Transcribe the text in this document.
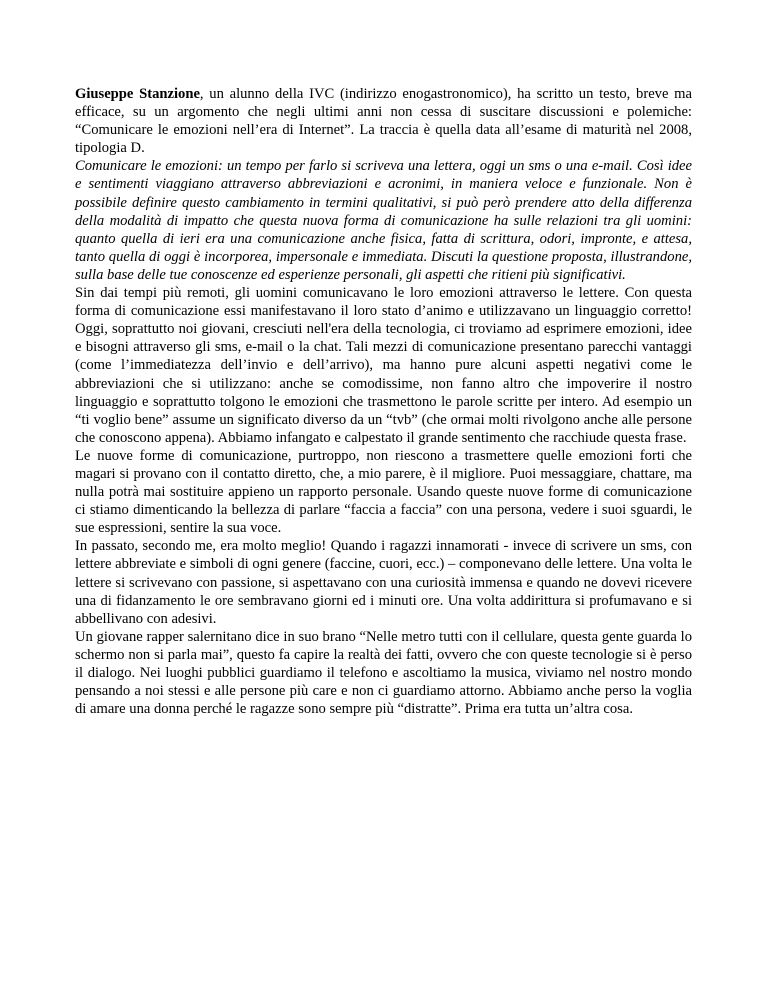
Giuseppe Stanzione, un alunno della IVC (indirizzo enogastronomico), ha scritto un testo, breve ma efficace, su un argomento che negli ultimi anni non cessa di suscitare discussioni e polemiche: “Comunicare le emozioni nell’era di Internet”. La traccia è quella data all’esame di maturità nel 2008, tipologia D.

Comunicare le emozioni: un tempo per farlo si scriveva una lettera, oggi un sms o una e-mail. Così idee e sentimenti viaggiano attraverso abbreviazioni e acronimi, in maniera veloce e funzionale. Non è possibile definire questo cambiamento in termini qualitativi, si può però prendere atto della differenza della modalità di impatto che questa nuova forma di comunicazione ha sulle relazioni tra gli uomini: quanto quella di ieri era una comunicazione anche fisica, fatta di scrittura, odori, impronte, e attesa, tanto quella di oggi è incorporea, impersonale e immediata. Discuti la questione proposta, illustrandone, sulla base delle tue conoscenze ed esperienze personali, gli aspetti che ritieni più significativi.

Sin dai tempi più remoti, gli uomini comunicavano le loro emozioni attraverso le lettere. Con questa forma di comunicazione essi manifestavano il loro stato d’animo e utilizzavano un linguaggio corretto! Oggi, soprattutto noi giovani, cresciuti nell'era della tecnologia, ci troviamo ad esprimere emozioni, idee e bisogni attraverso gli sms, e-mail o la chat. Tali mezzi di comunicazione presentano parecchi vantaggi (come l’immediatezza dell’invio e dell’arrivo), ma hanno pure alcuni aspetti negativi come le abbreviazioni che si utilizzano: anche se comodissime, non fanno altro che impoverire il nostro linguaggio e soprattutto tolgono le emozioni che trasmettono le parole scritte per intero. Ad esempio un “ti voglio bene” assume un significato diverso da un “tvb” (che ormai molti rivolgono anche alle persone che conoscono appena). Abbiamo infangato e calpestato il grande sentimento che racchiude questa frase.

Le nuove forme di comunicazione, purtroppo, non riescono a trasmettere quelle emozioni forti che magari si provano con il contatto diretto, che, a mio parere, è il migliore. Puoi messaggiare, chattare, ma nulla potrà mai sostituire appieno un rapporto personale. Usando queste nuove forme di comunicazione ci stiamo dimenticando la bellezza di parlare “faccia a faccia” con una persona, vedere i suoi sguardi, le sue espressioni, sentire la sua voce.

In passato, secondo me, era molto meglio! Quando i ragazzi innamorati - invece di scrivere un sms, con lettere abbreviate e simboli di ogni genere (faccine, cuori, ecc.) – componevano delle lettere. Una volta le lettere si scrivevano con passione, si aspettavano con una curiosità immensa e quando ne dovevi ricevere una di fidanzamento le ore sembravano giorni ed i minuti ore. Una volta addirittura si profumavano e si abbellivano con adesivi.

Un giovane rapper salernitano dice in suo brano “Nelle metro tutti con il cellulare, questa gente guarda lo schermo non si parla mai”, questo fa capire la realtà dei fatti, ovvero che con queste tecnologie si è perso il dialogo. Nei luoghi pubblici guardiamo il telefono e ascoltiamo la musica, viviamo nel nostro mondo pensando a noi stessi e alle persone più care e non ci guardiamo attorno. Abbiamo anche perso la voglia di amare una donna perché le ragazze sono sempre più “distratte”. Prima era tutta un’altra cosa.
